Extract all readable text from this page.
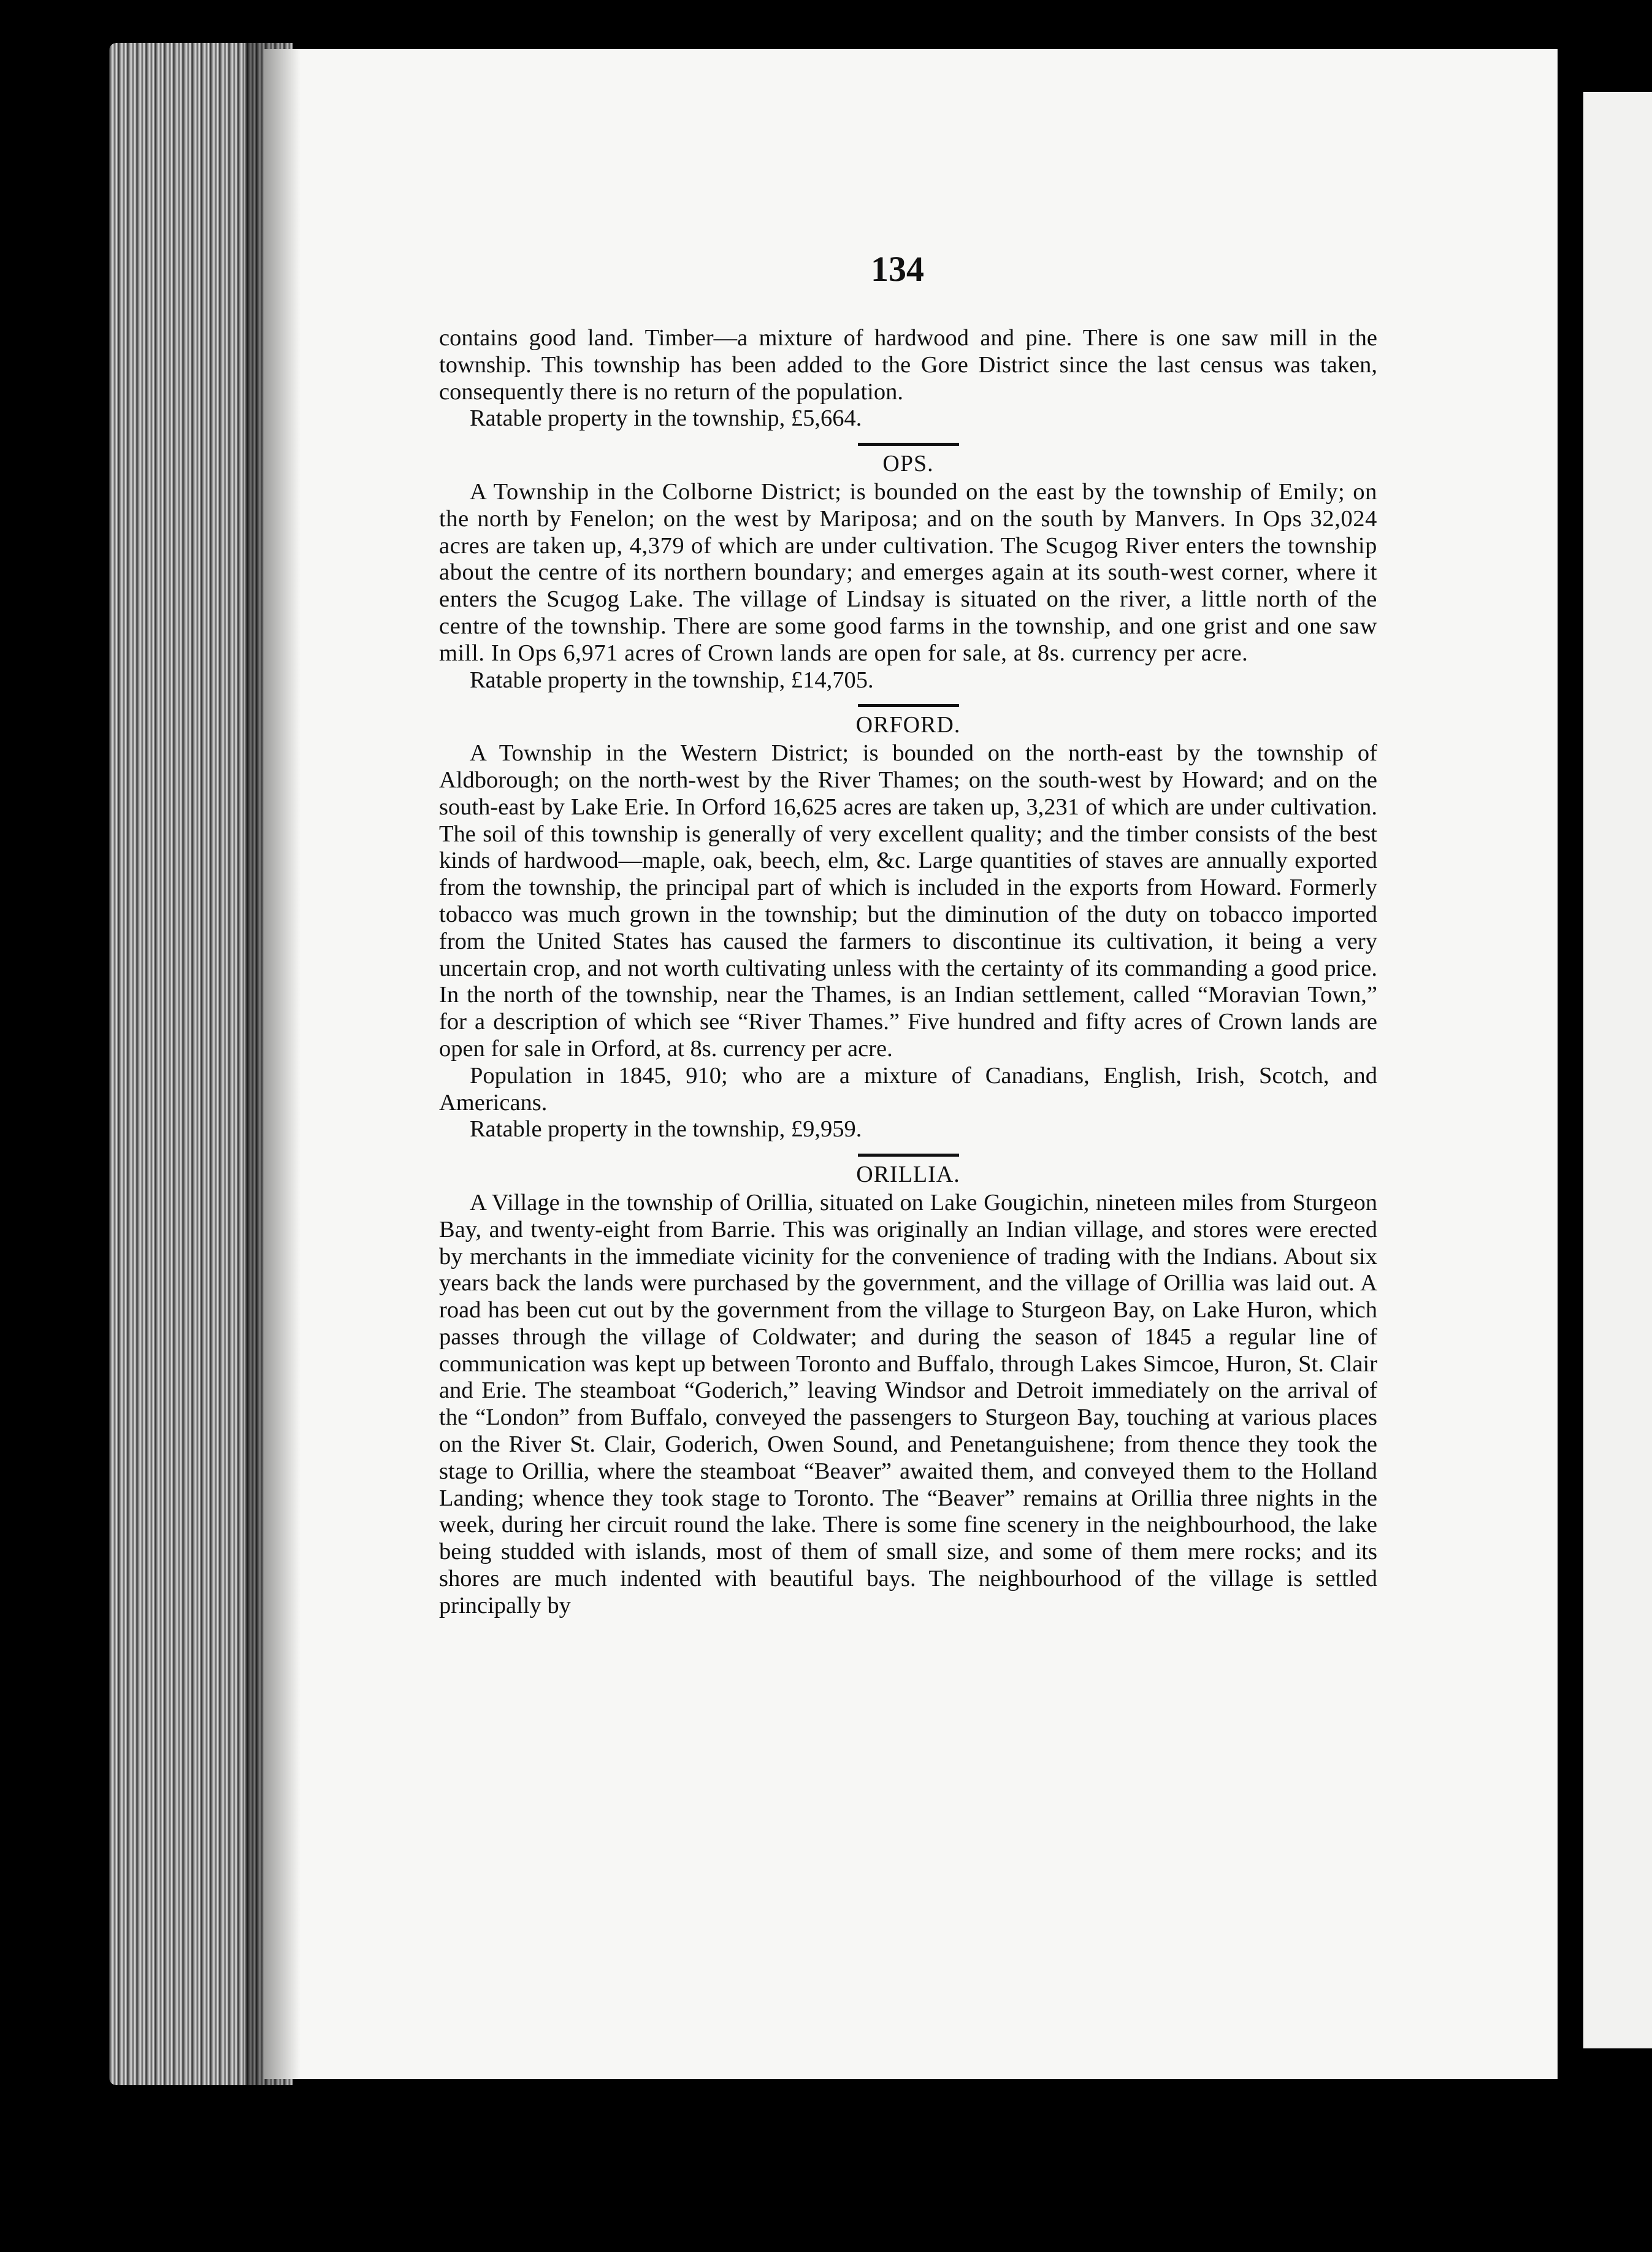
134

contains good land. Timber—a mixture of hardwood and pine. There is one saw mill in the township. This township has been added to the Gore District since the last census was taken, consequently there is no return of the population.

Ratable property in the township, £5,664.

OPS.

A Township in the Colborne District; is bounded on the east by the township of Emily; on the north by Fenelon; on the west by Mariposa; and on the south by Manvers. In Ops 32,024 acres are taken up, 4,379 of which are under cultivation. The Scugog River enters the township about the centre of its northern boundary; and emerges again at its south-west corner, where it enters the Scugog Lake. The village of Lindsay is situated on the river, a little north of the centre of the township. There are some good farms in the township, and one grist and one saw mill. In Ops 6,971 acres of Crown lands are open for sale, at 8s. currency per acre.

Ratable property in the township, £14,705.

ORFORD.

A Township in the Western District; is bounded on the north-east by the township of Aldborough; on the north-west by the River Thames; on the south-west by Howard; and on the south-east by Lake Erie. In Orford 16,625 acres are taken up, 3,231 of which are under cultivation. The soil of this township is generally of very excellent quality; and the timber consists of the best kinds of hardwood—maple, oak, beech, elm, &c. Large quantities of staves are annually exported from the township, the principal part of which is included in the exports from Howard. Formerly tobacco was much grown in the township; but the diminution of the duty on tobacco imported from the United States has caused the farmers to discontinue its cultivation, it being a very uncertain crop, and not worth cultivating unless with the certainty of its commanding a good price. In the north of the township, near the Thames, is an Indian settlement, called “Moravian Town,” for a description of which see “River Thames.” Five hundred and fifty acres of Crown lands are open for sale in Orford, at 8s. currency per acre.

Population in 1845, 910; who are a mixture of Canadians, English, Irish, Scotch, and Americans.

Ratable property in the township, £9,959.

ORILLIA.

A Village in the township of Orillia, situated on Lake Gougichin, nineteen miles from Sturgeon Bay, and twenty-eight from Barrie. This was originally an Indian village, and stores were erected by merchants in the immediate vicinity for the convenience of trading with the Indians. About six years back the lands were purchased by the government, and the village of Orillia was laid out. A road has been cut out by the government from the village to Sturgeon Bay, on Lake Huron, which passes through the village of Coldwater; and during the season of 1845 a regular line of communication was kept up between Toronto and Buffalo, through Lakes Simcoe, Huron, St. Clair and Erie. The steamboat “Goderich,” leaving Windsor and Detroit immediately on the arrival of the “London” from Buffalo, conveyed the passengers to Sturgeon Bay, touching at various places on the River St. Clair, Goderich, Owen Sound, and Penetanguishene; from thence they took the stage to Orillia, where the steamboat “Beaver” awaited them, and conveyed them to the Holland Landing; whence they took stage to Toronto. The “Beaver” remains at Orillia three nights in the week, during her circuit round the lake. There is some fine scenery in the neighbourhood, the lake being studded with islands, most of them of small size, and some of them mere rocks; and its shores are much indented with beautiful bays. The neighbourhood of the village is settled principally by
